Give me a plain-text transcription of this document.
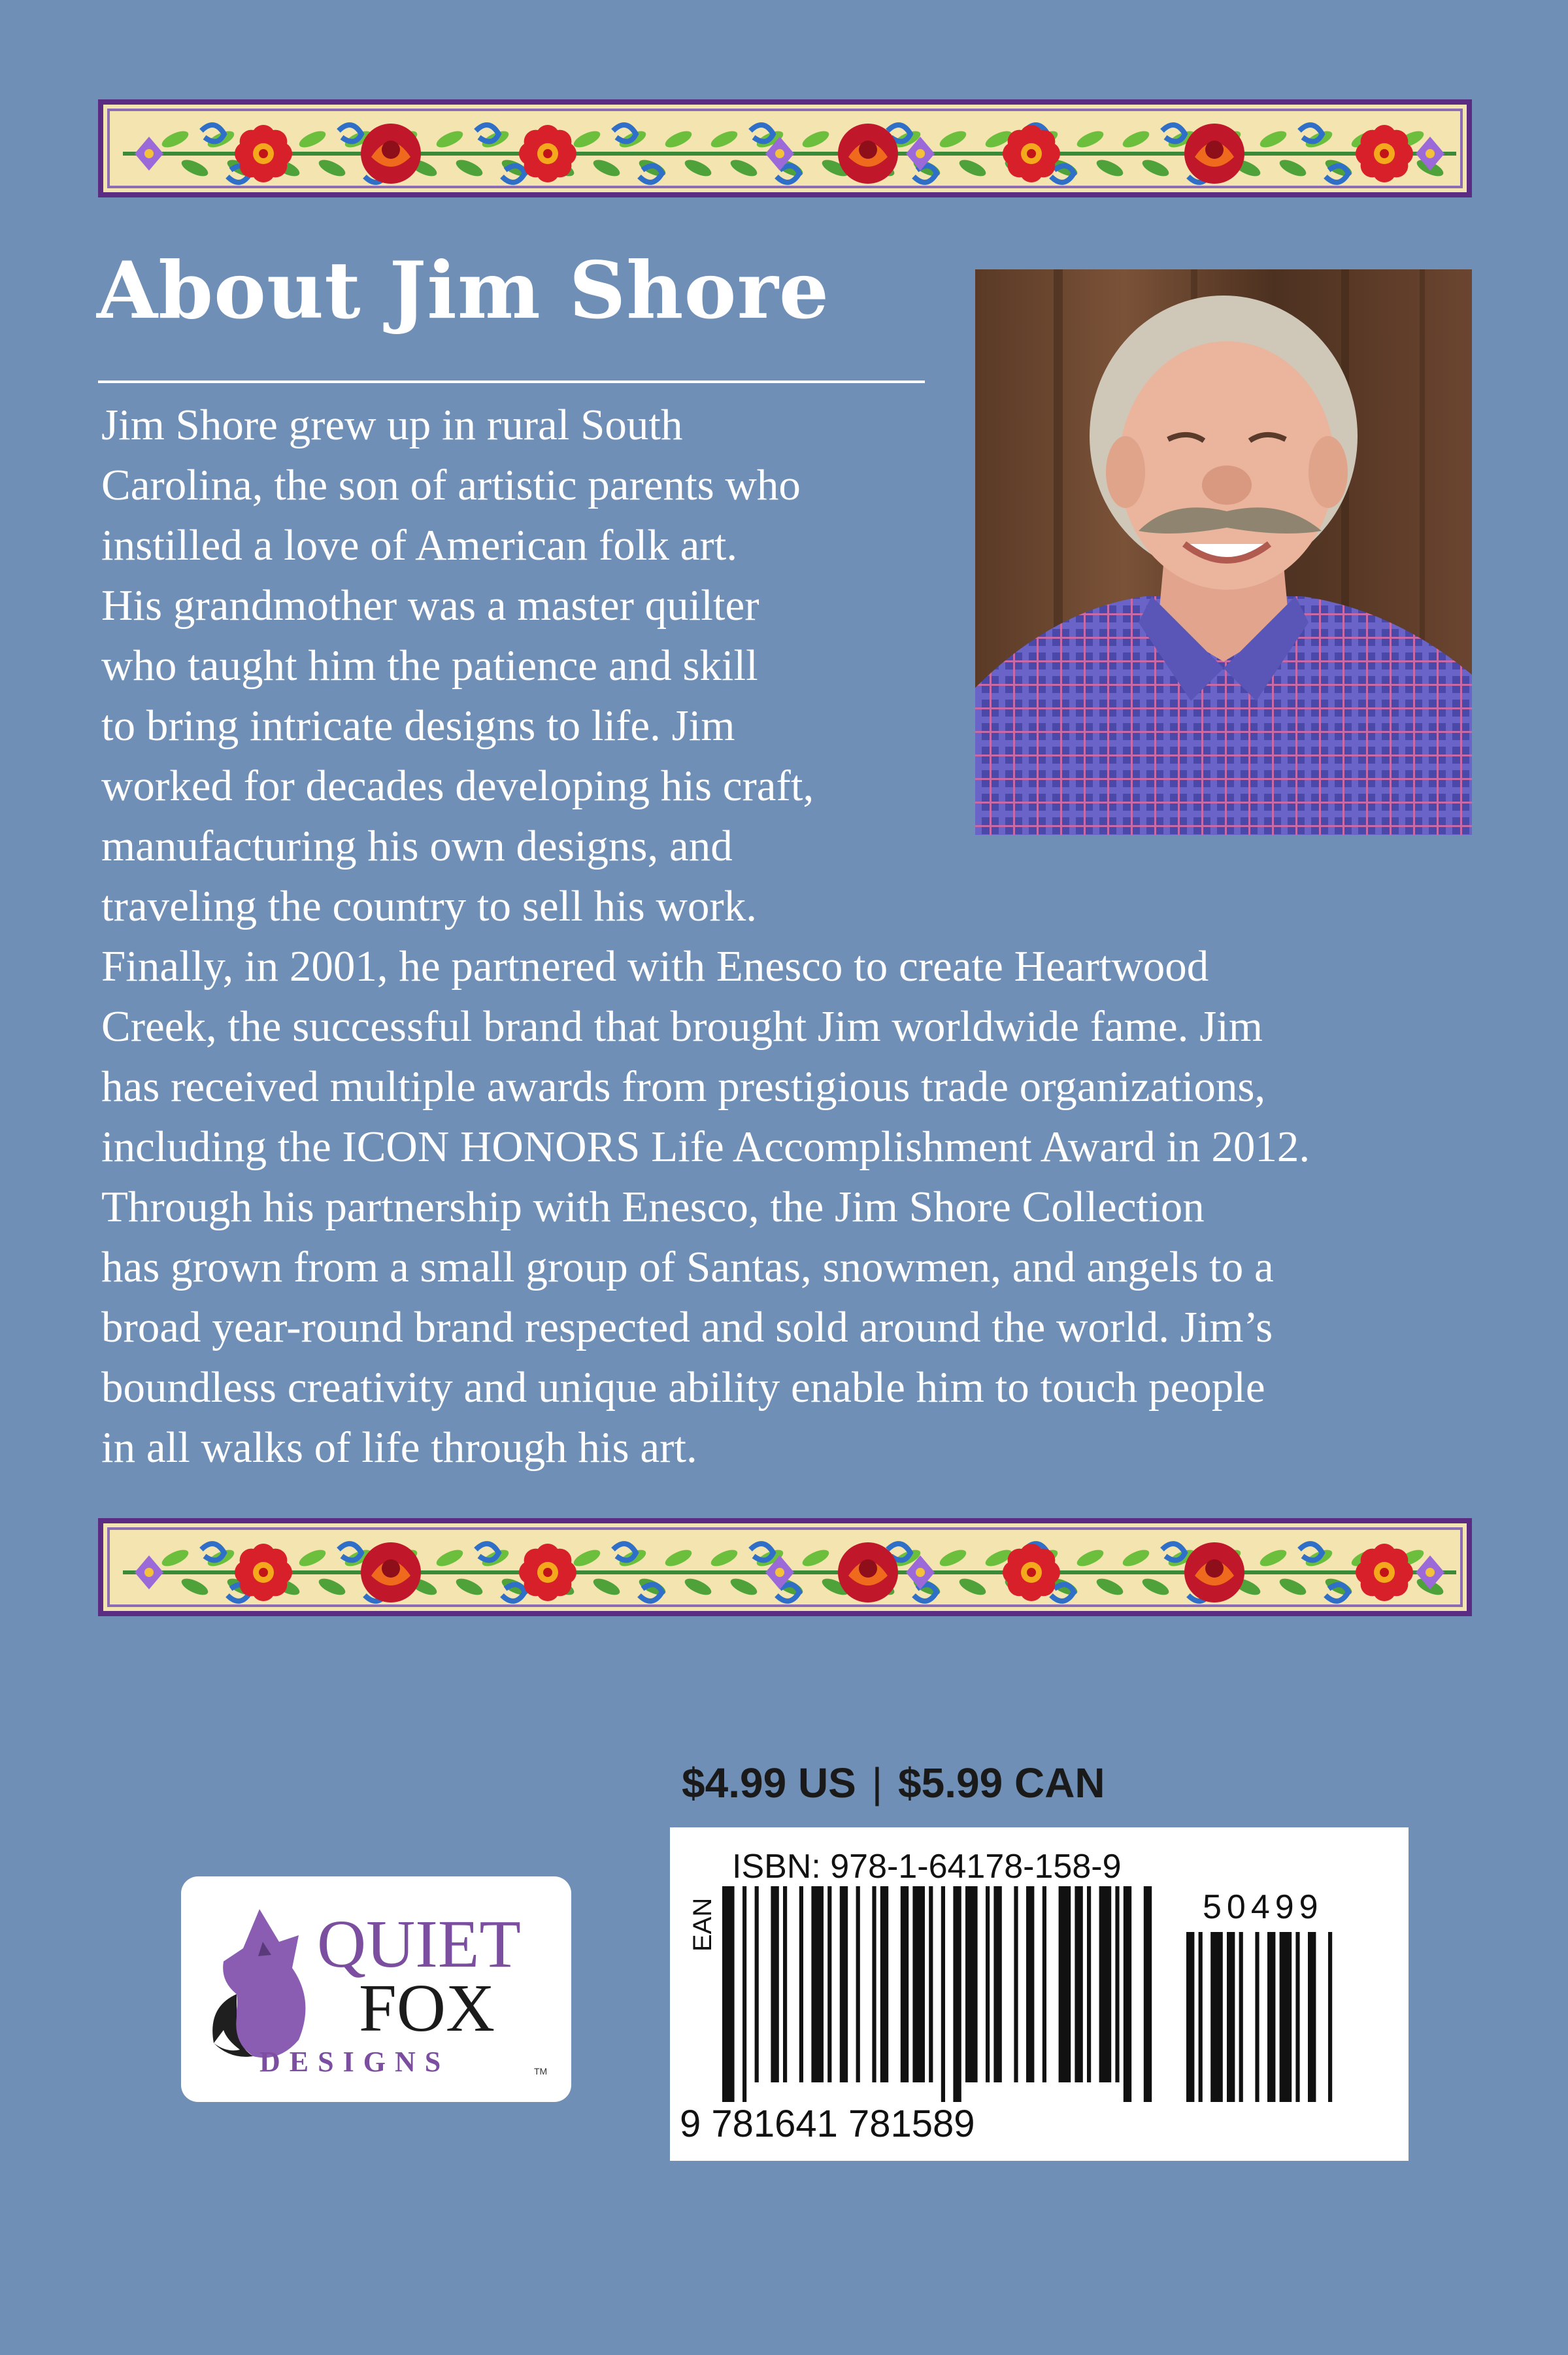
About Jim Shore
Jim Shore grew up in rural South
Carolina, the son of artistic parents who
instilled a love of American folk art.
His grandmother was a master quilter
who taught him the patience and skill
to bring intricate designs to life. Jim
worked for decades developing his craft,
manufacturing his own designs, and
traveling the country to sell his work.
Finally, in 2001, he partnered with Enesco to create Heartwood
Creek, the successful brand that brought Jim worldwide fame. Jim
has received multiple awards from prestigious trade organizations,
including the ICON HONORS Life Accomplishment Award in 2012.
Through his partnership with Enesco, the Jim Shore Collection
has grown from a small group of Santas, snowmen, and angels to a
broad year-round brand respected and sold around the world. Jim’s
boundless creativity and unique ability enable him to touch people
in all walks of life through his art.
$4.99 US | $5.99 CAN
ISBN: 978-1-64178-158-9
EAN	50499
9 781641 781589
QUIET
FOX
DESIGNS	TM
